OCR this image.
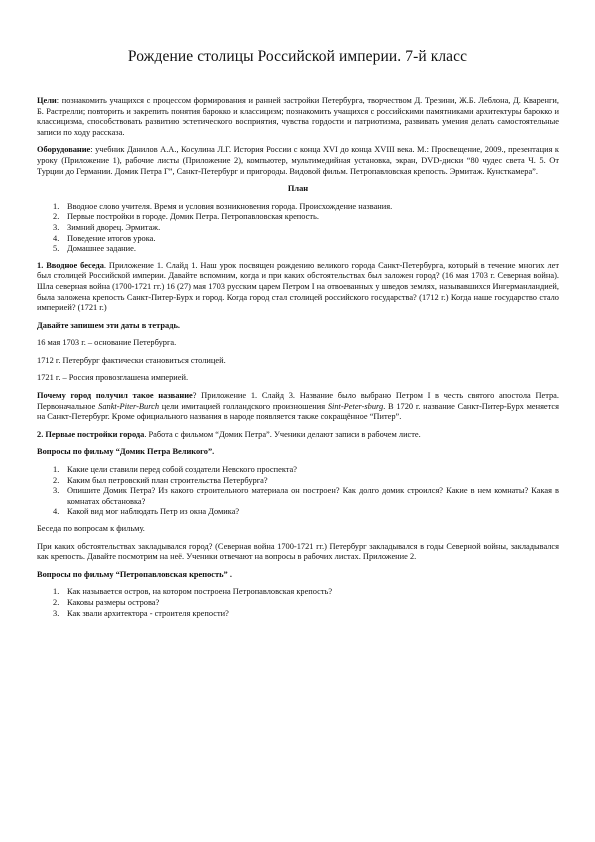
Рождение столицы Российской империи. 7-й класс

Цели: познакомить учащихся с процессом формирования и ранней застройки Петербурга, творчеством Д. Трезини, Ж.Б. Леблона, Д. Кваренги, Б. Растрелли; повторить и закрепить понятия барокко и классицизм; познакомить учащихся с российскими памятниками архитектуры барокко и классицизма, способствовать развитию эстетического восприятия, чувства гордости и патриотизма, развивать умения делать самостоятельные записи по ходу рассказа.

Оборудование: учебник Данилов А.А., Косулина Л.Г. История России с конца XVI до конца XVIII века. М.: Просвещение, 2009., презентация к уроку (Приложение 1), рабочие листы (Приложение 2), компьютер, мультимедийная установка, экран, DVD-диски “80 чудес света Ч. 5. От Турции до Германии. Домик Петра Г”, Санкт-Петербург и пригороды. Видовой фильм. Петропавловская крепость. Эрмитаж. Кунсткамера”.

План

1. Вводное слово учителя. Время и условия возникновения города. Происхождение названия.
2. Первые постройки в городе. Домик Петра. Петропавловская крепость.
3. Зимний дворец. Эрмитаж.
4. Поведение итогов урока.
5. Домашнее задание.

1. Вводное беседа. Приложение 1. Слайд 1. Наш урок посвящен рождению великого города Санкт-Петербурга, который в течение многих лет был столицей Российской империи. Давайте вспомним, когда и при каких обстоятельствах был заложен город? (16 мая 1703 г. Северная война). Шла северная война (1700-1721 гг.) 16 (27) мая 1703 русским царем Петром I на отвоеванных у шведов землях, называвшихся Ингерманландией, была заложена крепость Санкт-Питер-Бурх и город. Когда город стал столицей российского государства? (1712 г.) Когда наше государство стало империей? (1721 г.)

Давайте запишем эти даты в тетрадь.

16 мая 1703 г. – основание Петербурга.

1712 г. Петербург фактически становиться столицей.

1721 г. – Россия провозглашена империей.

Почему город получил такое название? Приложение 1. Слайд 3. Название было выбрано Петром I в честь святого апостола Петра. Первоначальное Sankt-Piter-Burch цели имитацией голландского произношения Sint-Peter-sburg. В 1720 г. название Санкт-Питер-Бурх меняется на Санкт-Петербург. Кроме официального названия в народе появляется также сокращённое “Питер”.

2. Первые постройки города. Работа с фильмом “Домик Петра”. Ученики делают записи в рабочем листе.

Вопросы по фильму “Домик Петра Великого”.

1. Какие цели ставили перед собой создатели Невского проспекта?
2. Каким был петровский план строительства Петербурга?
3. Опишите Домик Петра? Из какого строительного материала он построен? Как долго домик строился? Какие в нем комнаты? Какая в комнатах обстановка?
4. Какой вид мог наблюдать Петр из окна Домика?

Беседа по вопросам к фильму.

При каких обстоятельствах закладывался город? (Северная война 1700-1721 гг.) Петербург закладывался в годы Северной войны, закладывался как крепость. Давайте посмотрим на неё. Ученики отвечают на вопросы в рабочих листах. Приложение 2.

Вопросы по фильму “Петропавловская крепость” .

1. Как называется остров, на котором построена Петропавловская крепость?
2. Каковы размеры острова?
3. Как звали архитектора - строителя крепости?
